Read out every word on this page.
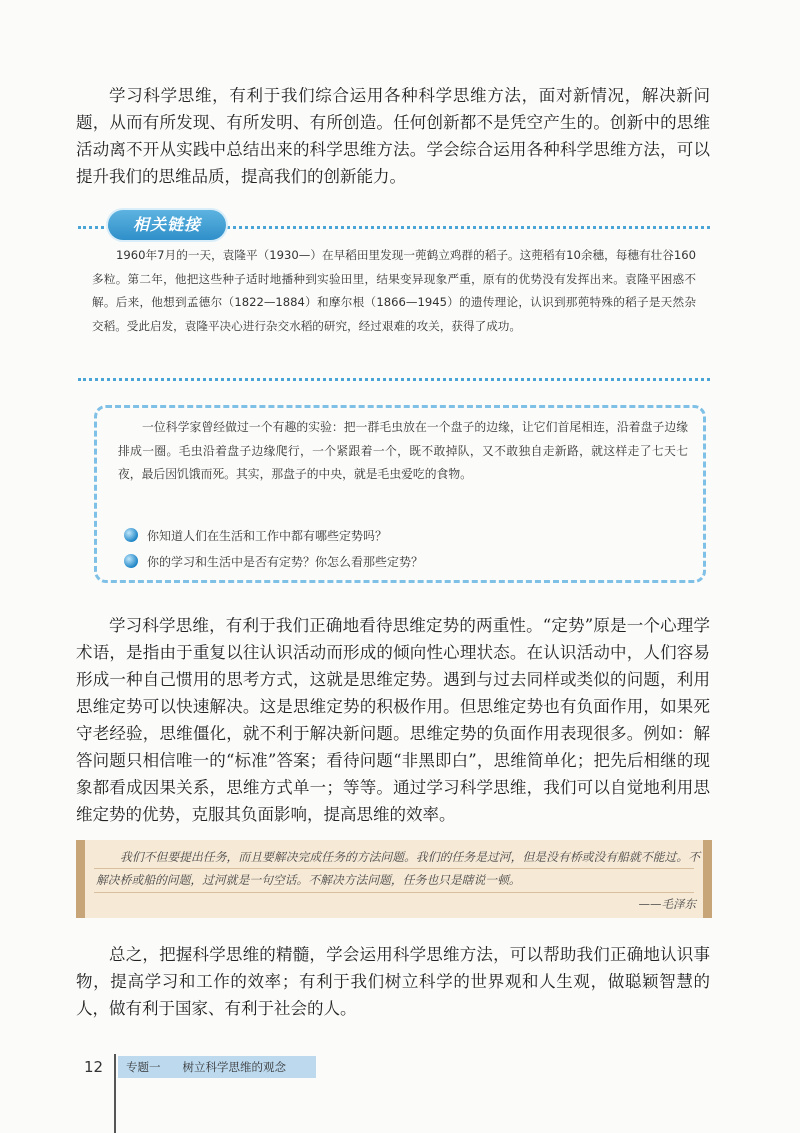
学习科学思维，有利于我们综合运用各种科学思维方法，面对新情况，解决新问题，从而有所发现、有所发明、有所创造。任何创新都不是凭空产生的。创新中的思维活动离不开从实践中总结出来的科学思维方法。学会综合运用各种科学思维方法，可以提升我们的思维品质，提高我们的创新能力。

相关链接

1960年7月的一天，袁隆平（1930—）在早稻田里发现一蔸鹤立鸡群的稻子。这蔸稻有10余穗，每穗有壮谷160多粒。第二年，他把这些种子适时地播种到实验田里，结果变异现象严重，原有的优势没有发挥出来。袁隆平困惑不解。后来，他想到孟德尔（1822—1884）和摩尔根（1866—1945）的遗传理论，认识到那蔸特殊的稻子是天然杂交稻。受此启发，袁隆平决心进行杂交水稻的研究，经过艰难的攻关，获得了成功。

一位科学家曾经做过一个有趣的实验：把一群毛虫放在一个盘子的边缘，让它们首尾相连，沿着盘子边缘排成一圈。毛虫沿着盘子边缘爬行，一个紧跟着一个，既不敢掉队，又不敢独自走新路，就这样走了七天七夜，最后因饥饿而死。其实，那盘子的中央，就是毛虫爱吃的食物。

你知道人们在生活和工作中都有哪些定势吗？
你的学习和生活中是否有定势？你怎么看那些定势？

学习科学思维，有利于我们正确地看待思维定势的两重性。“定势”原是一个心理学术语，是指由于重复以往认识活动而形成的倾向性心理状态。在认识活动中，人们容易形成一种自己惯用的思考方式，这就是思维定势。遇到与过去同样或类似的问题，利用思维定势可以快速解决。这是思维定势的积极作用。但思维定势也有负面作用，如果死守老经验，思维僵化，就不利于解决新问题。思维定势的负面作用表现很多。例如：解答问题只相信唯一的“标准”答案；看待问题“非黑即白”，思维简单化；把先后相继的现象都看成因果关系，思维方式单一；等等。通过学习科学思维，我们可以自觉地利用思维定势的优势，克服其负面影响，提高思维的效率。

我们不但要提出任务，而且要解决完成任务的方法问题。我们的任务是过河，但是没有桥或没有船就不能过。不解决桥或船的问题，过河就是一句空话。不解决方法问题，任务也只是瞎说一顿。

——毛泽东

总之，把握科学思维的精髓，学会运用科学思维方法，可以帮助我们正确地认识事物，提高学习和工作的效率；有利于我们树立科学的世界观和人生观，做聪颖智慧的人，做有利于国家、有利于社会的人。

12	专题一 树立科学思维的观念
